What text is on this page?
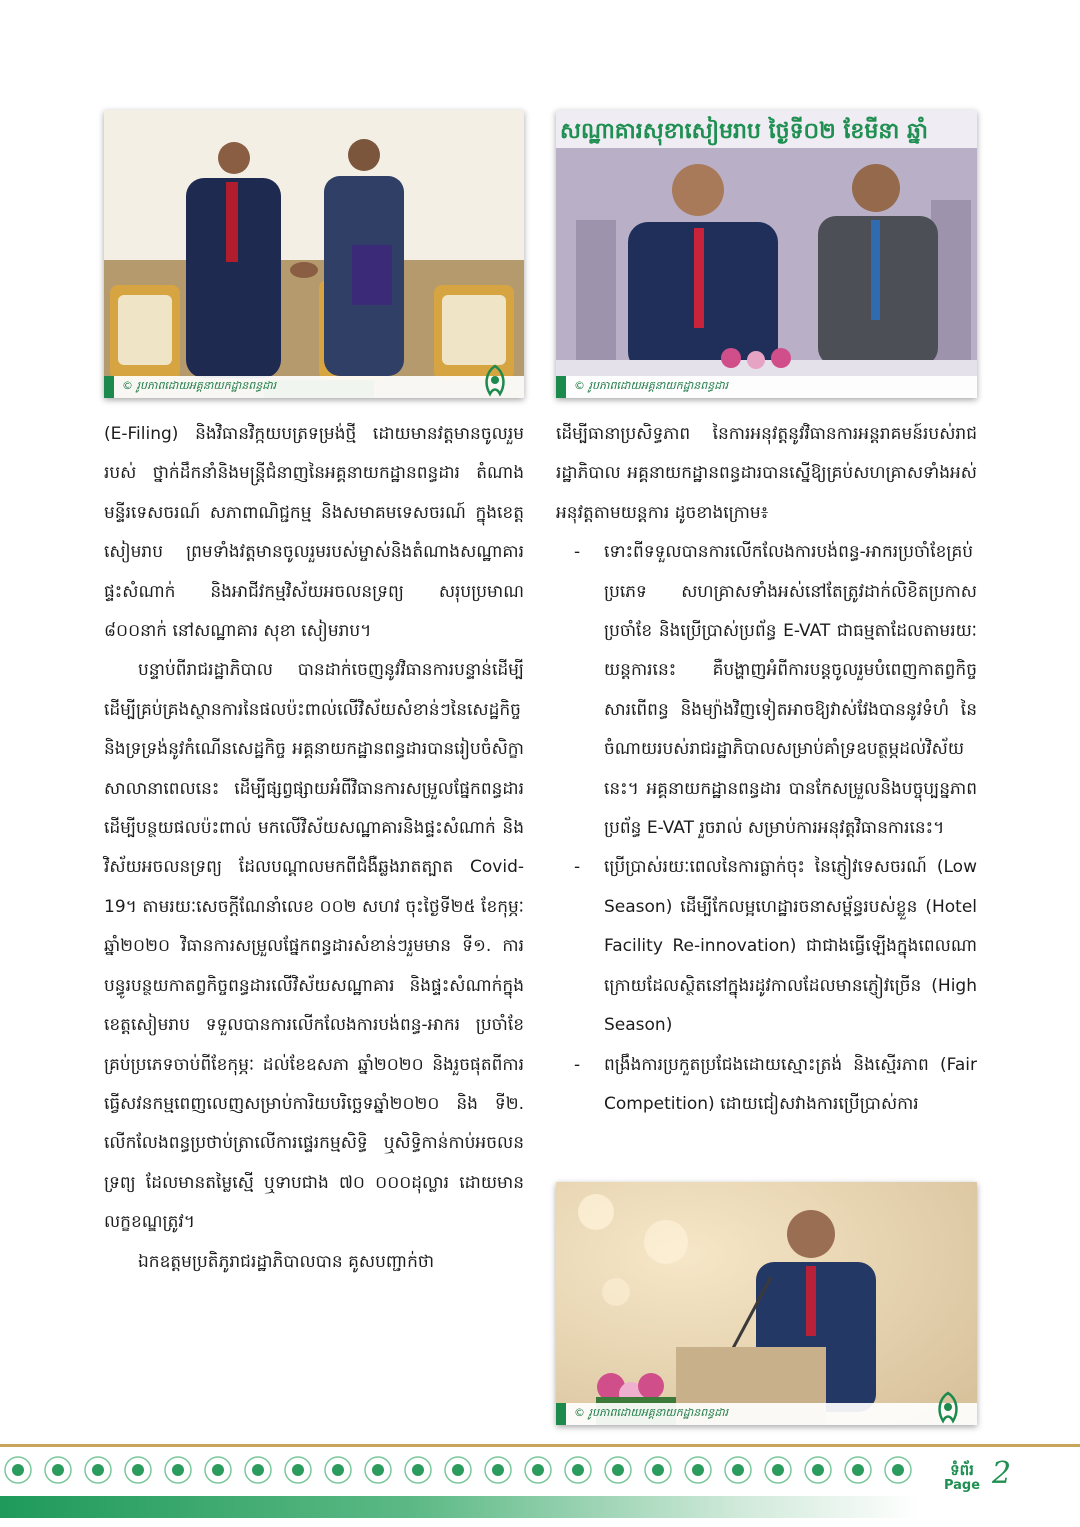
© រូបភាពដោយអគ្គនាយកដ្ឋានពន្ធដារ
សណ្ឋាគារសុខាសៀមរាប ថ្ងៃទី០២ ខែមីនា ឆ្នាំ
© រូបភាពដោយអគ្គនាយកដ្ឋានពន្ធដារ
© រូបភាពដោយអគ្គនាយកដ្ឋានពន្ធដារ

(E-Filing) និងវិធានវិក្កយបត្រទម្រង់ថ្មី ដោយមានវត្តមានចូលរួមរបស់ ថ្នាក់ដឹកនាំនិងមន្ត្រីជំនាញនៃអគ្គនាយកដ្ឋានពន្ធដារ តំណាងមន្ទីរទេសចរណ៍ សភាពាណិជ្ជកម្ម និងសមាគមទេសចរណ៍ ក្នុងខេត្តសៀមរាប ព្រមទាំងវត្តមានចូលរួមរបស់ម្ចាស់និងតំណាងសណ្ឋាគារ ផ្ទះសំណាក់ និងអាជីវកម្មវិស័យអចលនទ្រព្យ សរុបប្រមាណ ៨០០នាក់ នៅសណ្ឋាគារ សុខា សៀមរាប។

បន្ទាប់ពីរាជរដ្ឋាភិបាល បានដាក់ចេញនូវវិធានការបន្ទាន់ដើម្បី ដើម្បីគ្រប់គ្រងស្ថានការនៃផលប៉ះពាល់លើវិស័យសំខាន់ៗនៃសេដ្ឋកិច្ច និងទ្រទ្រង់នូវកំណើនសេដ្ឋកិច្ច អគ្គនាយកដ្ឋានពន្ធដារបានរៀបចំសិក្ខាសាលានាពេលនេះ ដើម្បីផ្សព្វផ្សាយអំពីវិធានការសម្រួលផ្នែកពន្ធដារ ដើម្បីបន្ថយផលប៉ះពាល់ មកលើវិស័យសណ្ឋាគារនិងផ្ទះសំណាក់ និងវិស័យអចលនទ្រព្យ ដែលបណ្តាលមកពីជំងឺឆ្លងរាតត្បាត Covid-19។ តាមរយៈសេចក្តីណែនាំលេខ ០០២ សហវ ចុះថ្ងៃទី២៥ ខែកុម្ភៈ ឆ្នាំ២០២០ វិធានការសម្រួលផ្នែកពន្ធដារសំខាន់ៗរួមមាន ទី១. ការបន្ធូរបន្ថយកាតព្វកិច្ចពន្ធដារលើវិស័យសណ្ឋាគារ និងផ្ទះសំណាក់ក្នុងខេត្តសៀមរាប ទទួលបានការលើកលែងការបង់ពន្ធ-អាករ ប្រចាំខែគ្រប់ប្រភេទចាប់ពីខែកុម្ភៈ ដល់ខែឧសភា ឆ្នាំ២០២០ និងរួចផុតពីការធ្វើសវនកម្មពេញលេញសម្រាប់ការិយបរិច្ឆេទឆ្នាំ២០២០ និង ទី២. លើកលែងពន្ធប្រថាប់ត្រាលើការផ្ទេរកម្មសិទ្ធិ ឬសិទ្ធិកាន់កាប់អចលនទ្រព្យ ដែលមានតម្លៃស្មើ ឬទាបជាង ៧០ ០០០ដុល្លារ ដោយមានលក្ខខណ្ឌត្រូវ។

ឯកឧត្តមប្រតិភូរាជរដ្ឋាភិបាលបាន គូសបញ្ជាក់ថា

ដើម្បីធានាប្រសិទ្ធភាព នៃការអនុវត្តនូវវិធានការអន្តរាគមន៍របស់រាជរដ្ឋាភិបាល អគ្គនាយកដ្ឋានពន្ធដារបានស្នើឱ្យគ្រប់សហគ្រាសទាំងអស់អនុវត្តតាមយន្តការ ដូចខាងក្រោម៖

- ទោះពីទទួលបានការលើកលែងការបង់ពន្ធ-អាករប្រចាំខែគ្រប់ប្រភេទ សហគ្រាសទាំងអស់នៅតែត្រូវដាក់លិខិតប្រកាសប្រចាំខែ និងប្រើប្រាស់ប្រព័ន្ធ E-VAT ជាធម្មតាដែលតាមរយៈយន្តការនេះ គឺបង្ហាញអំពីការបន្តចូលរួមបំពេញកាតព្វកិច្ចសារពើពន្ធ និងម្យ៉ាងវិញទៀតអាចឱ្យវាស់វែងបាននូវទំហំ នៃចំណាយរបស់រាជរដ្ឋាភិបាលសម្រាប់គាំទ្រឧបត្ថម្ភដល់វិស័យនេះ។ អគ្គនាយកដ្ឋានពន្ធដារ បានកែសម្រួលនិងបច្ចុប្បន្នភាពប្រព័ន្ធ E-VAT រួចរាល់ សម្រាប់ការអនុវត្តវិធានការនេះ។
- ប្រើប្រាស់រយៈពេលនៃការធ្លាក់ចុះ នៃភ្ញៀវទេសចរណ៍ (Low Season) ដើម្បីកែលម្អហេដ្ឋារចនាសម្ព័ន្ធរបស់ខ្លួន (Hotel Facility Re-innovation) ជាជាងធ្វើឡើងក្នុងពេលណា ក្រោយដែលស្ថិតនៅក្នុងរដូវកាលដែលមានភ្ញៀវច្រើន (High Season)
- ពង្រឹងការប្រកួតប្រជែងដោយស្មោះត្រង់ និងស្មើរភាព (Fair Competition) ដោយជៀសវាងការប្រើប្រាស់ការ
ទំព័រ
Page 2
